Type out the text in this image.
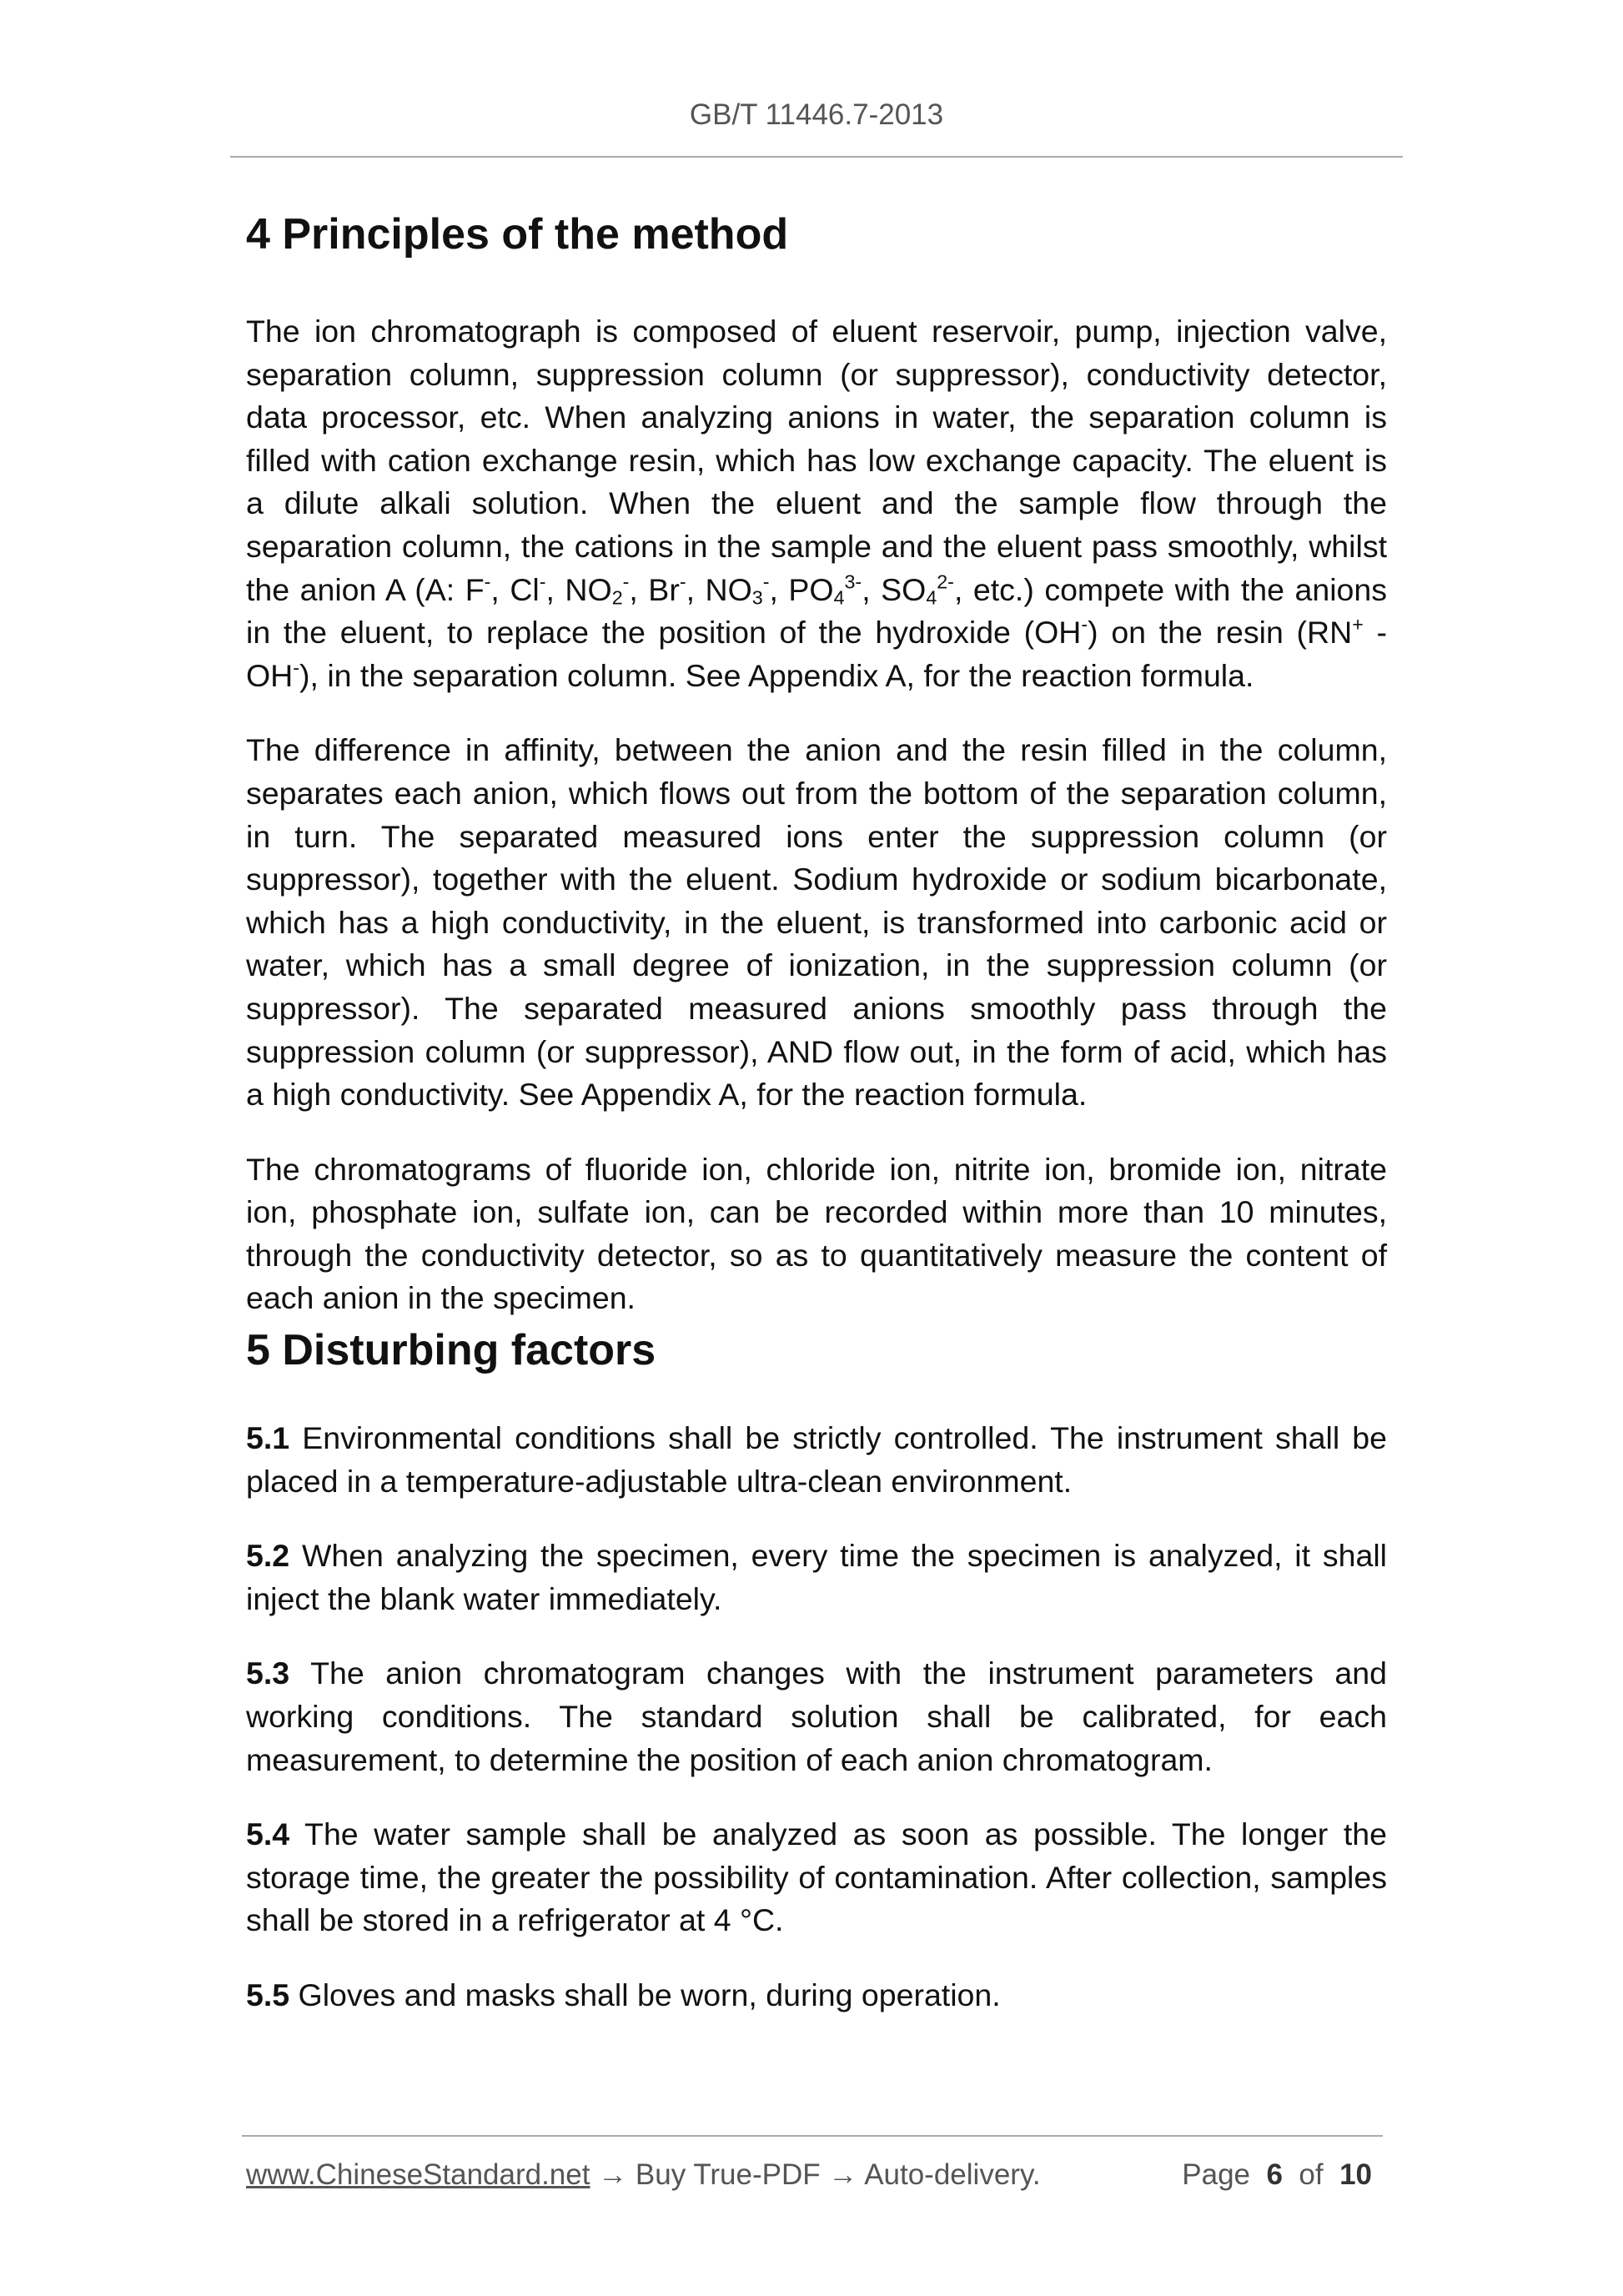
GB/T 11446.7-2013
4 Principles of the method

The ion chromatograph is composed of eluent reservoir, pump, injection valve, separation column, suppression column (or suppressor), conductivity detector, data processor, etc. When analyzing anions in water, the separation column is filled with cation exchange resin, which has low exchange capacity. The eluent is a dilute alkali solution. When the eluent and the sample flow through the separation column, the cations in the sample and the eluent pass smoothly, whilst the anion A (A: F-, Cl-, $NO_2^-$, Br-, $NO_3^-$, $PO_4^{3-}$, $SO_4^{2-}$, etc.) compete with the anions in the eluent, to replace the position of the hydroxide (OH-) on the resin (RN+ - OH-), in the separation column. See Appendix A, for the reaction formula.

The difference in affinity, between the anion and the resin filled in the column, separates each anion, which flows out from the bottom of the separation column, in turn. The separated measured ions enter the suppression column (or suppressor), together with the eluent. Sodium hydroxide or sodium bicarbonate, which has a high conductivity, in the eluent, is transformed into carbonic acid or water, which has a small degree of ionization, in the suppression column (or suppressor). The separated measured anions smoothly pass through the suppression column (or suppressor), AND flow out, in the form of acid, which has a high conductivity. See Appendix A, for the reaction formula.

The chromatograms of fluoride ion, chloride ion, nitrite ion, bromide ion, nitrate ion, phosphate ion, sulfate ion, can be recorded within more than 10 minutes, through the conductivity detector, so as to quantitatively measure the content of each anion in the specimen.

5 Disturbing factors

5.1 Environmental conditions shall be strictly controlled. The instrument shall be placed in a temperature-adjustable ultra-clean environment.

5.2 When analyzing the specimen, every time the specimen is analyzed, it shall inject the blank water immediately.

5.3 The anion chromatogram changes with the instrument parameters and working conditions. The standard solution shall be calibrated, for each measurement, to determine the position of each anion chromatogram.

5.4 The water sample shall be analyzed as soon as possible. The longer the storage time, the greater the possibility of contamination. After collection, samples shall be stored in a refrigerator at 4 °C.

5.5 Gloves and masks shall be worn, during operation.

www.ChineseStandard.net → Buy True-PDF → Auto-delivery.	Page 6 of 10
